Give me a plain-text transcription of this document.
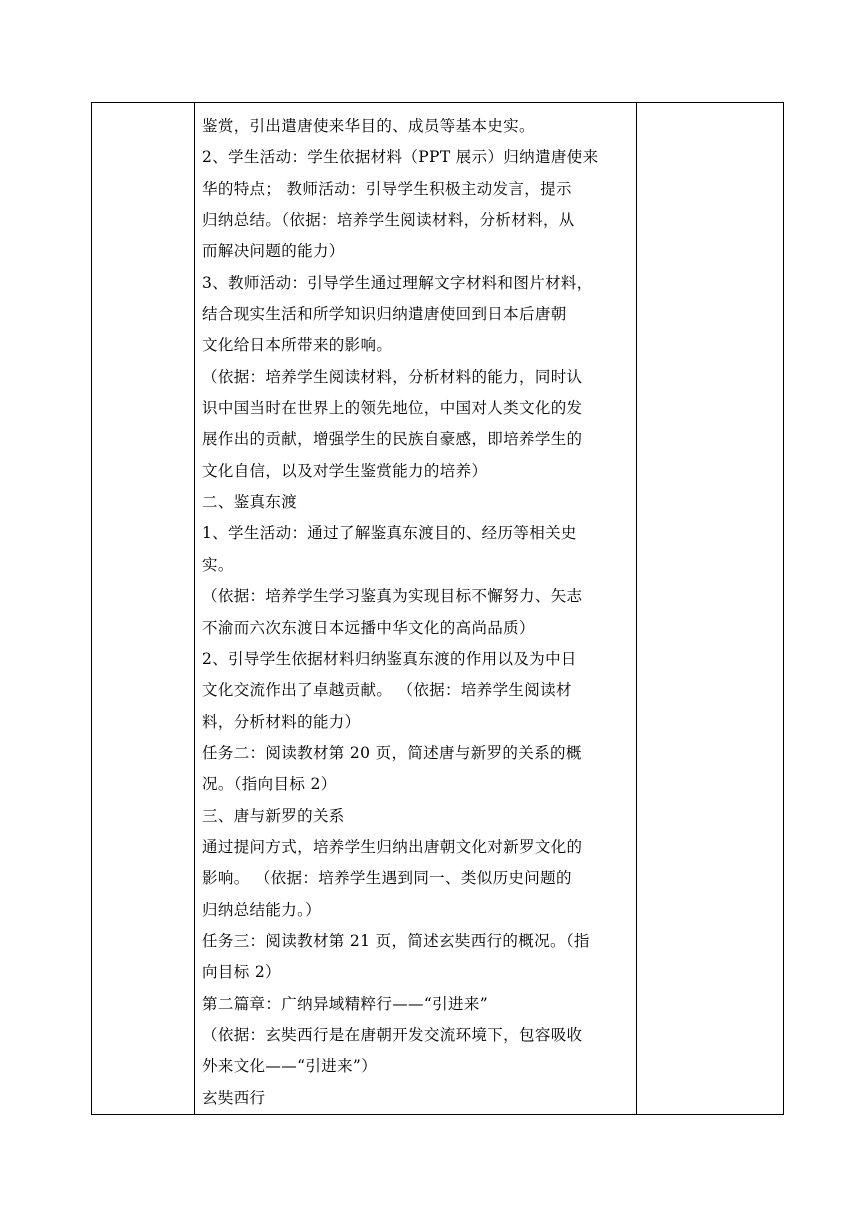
鉴赏，引出遣唐使来华目的、成员等基本史实。
2、学生活动：学生依据材料（PPT 展示）归纳遣唐使来
华的特点； 教师活动：引导学生积极主动发言，提示
归纳总结。（依据：培养学生阅读材料，分析材料，从
而解决问题的能力）
3、教师活动：引导学生通过理解文字材料和图片材料，
结合现实生活和所学知识归纳遣唐使回到日本后唐朝
文化给日本所带来的影响。
（依据：培养学生阅读材料，分析材料的能力，同时认
识中国当时在世界上的领先地位，中国对人类文化的发
展作出的贡献，增强学生的民族自豪感，即培养学生的
文化自信，以及对学生鉴赏能力的培养）
二、鉴真东渡
1、学生活动：通过了解鉴真东渡目的、经历等相关史
实。
（依据：培养学生学习鉴真为实现目标不懈努力、矢志
不渝而六次东渡日本远播中华文化的高尚品质）
2、引导学生依据材料归纳鉴真东渡的作用以及为中日
文化交流作出了卓越贡献。 （依据：培养学生阅读材
料，分析材料的能力）
任务二：阅读教材第 20 页，简述唐与新罗的关系的概
况。（指向目标 2）
三、唐与新罗的关系
通过提问方式，培养学生归纳出唐朝文化对新罗文化的
影响。 （依据：培养学生遇到同一、类似历史问题的
归纳总结能力。）
任务三：阅读教材第 21 页，简述玄奘西行的概况。（指
向目标 2）
第二篇章：广纳异域精粹行——“引进来”
（依据：玄奘西行是在唐朝开发交流环境下，包容吸收
外来文化——“引进来”）
玄奘西行
